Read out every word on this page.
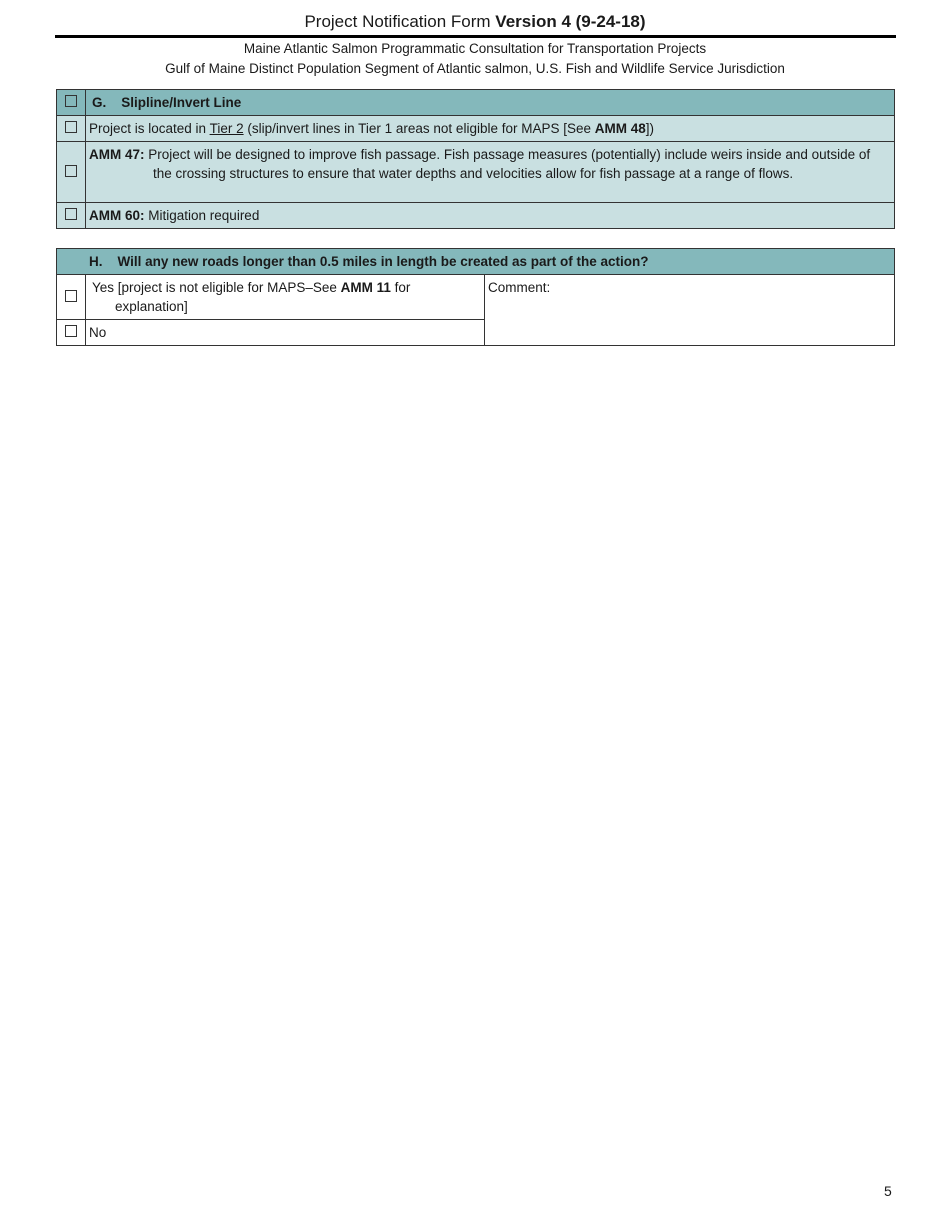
Project Notification Form Version 4 (9-24-18)
Maine Atlantic Salmon Programmatic Consultation for Transportation Projects
Gulf of Maine Distinct Population Segment of Atlantic salmon, U.S. Fish and Wildlife Service Jurisdiction
	G. Slipline/Invert Line
	Project is located in Tier 2 (slip/invert lines in Tier 1 areas not eligible for MAPS [See AMM 48])

	AMM 47: Project will be designed to improve fish passage. Fish passage measures (potentially) include weirs inside and outside of the crossing structures to ensure that water depths and velocities allow for fish passage at a range of flows.

	AMM 60: Mitigation required
H. Will any new roads longer than 0.5 miles in length be created as part of the action?		

	Yes [project is not eligible for MAPS–See AMM 11 for explanation]	Comment:
	No	
5
